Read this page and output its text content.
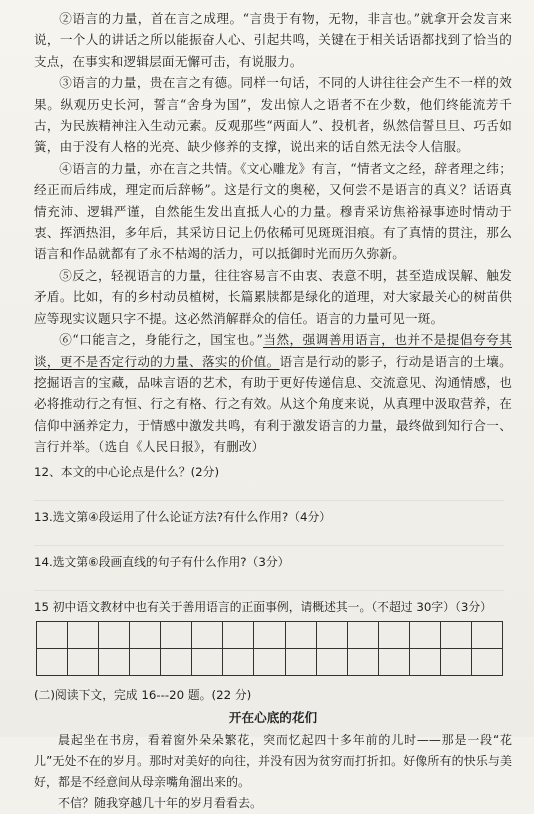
②语言的力量，首在言之成理。“言贵于有物，无物，非言也。”就拿开会发言来说，一个人的讲话之所以能振奋人心、引起共鸣，关键在于相关话语都找到了恰当的支点，在事实和逻辑层面无懈可击，有说服力。

③语言的力量，贵在言之有德。同样一句话，不同的人讲往往会产生不一样的效果。纵观历史长河，誓言“舍身为国”，发出惊人之语者不在少数，他们终能流芳千古，为民族精神注入生动元素。反观那些“两面人”、投机者，纵然信誓旦旦、巧舌如簧，由于没有人格的光亮、缺少修养的支撑，说出来的话自然无法令人信服。

④语言的力量，亦在言之共情。《文心雕龙》有言，“情者文之经，辞者理之纬；经正而后纬成，理定而后辞畅”。这是行文的奥秘，又何尝不是语言的真义？话语真情充沛、逻辑严谨，自然能生发出直抵人心的力量。穆青采访焦裕禄事迹时情动于衷、挥洒热泪，多年后，其采访日记上仍依稀可见斑斑泪痕。有了真情的贯注，那么语言和作品就都有了永不枯竭的活力，可以抵御时光而历久弥新。

⑤反之，轻视语言的力量，往往容易言不由衷、表意不明，甚至造成误解、触发矛盾。比如，有的乡村动员植树，长篇累牍都是绿化的道理，对大家最关心的树苗供应等现实议题只字不提。这必然消解群众的信任。语言的力量可见一斑。

⑥“口能言之，身能行之，国宝也。”当然，强调善用语言，也并不是提倡夸夸其谈，更不是否定行动的力量、落实的价值。语言是行动的影子，行动是语言的土壤。挖掘语言的宝藏，品味言语的艺术，有助于更好传递信息、交流意见、沟通情感，也必将推动行之有恒、行之有格、行之有效。从这个角度来说，从真理中汲取营养，在信仰中涵养定力，于情感中激发共鸣，有利于激发语言的力量，最终做到知行合一、言行并举。（选自《人民日报》，有删改）

12、本文的中心论点是什么？(2分)

13.选文第④段运用了什么论证方法?有什么作用?（4分）

14.选文第⑥段画直线的句子有什么作用?（3分）

15 初中语文教材中也有关于善用语言的正面事例，请概述其一。（不超过 30字）（3分）

(二)阅读下文，完成 16---20 题。(22 分)

开在心底的花们

晨起坐在书房，看着窗外朵朵繁花，突而忆起四十多年前的儿时——那是一段“花儿”无处不在的岁月。那时对美好的向往，并没有因为贫穷而打折扣。好像所有的快乐与美好，都是不经意间从母亲嘴角溜出来的。

不信？随我穿越几十年的岁月看看去。
